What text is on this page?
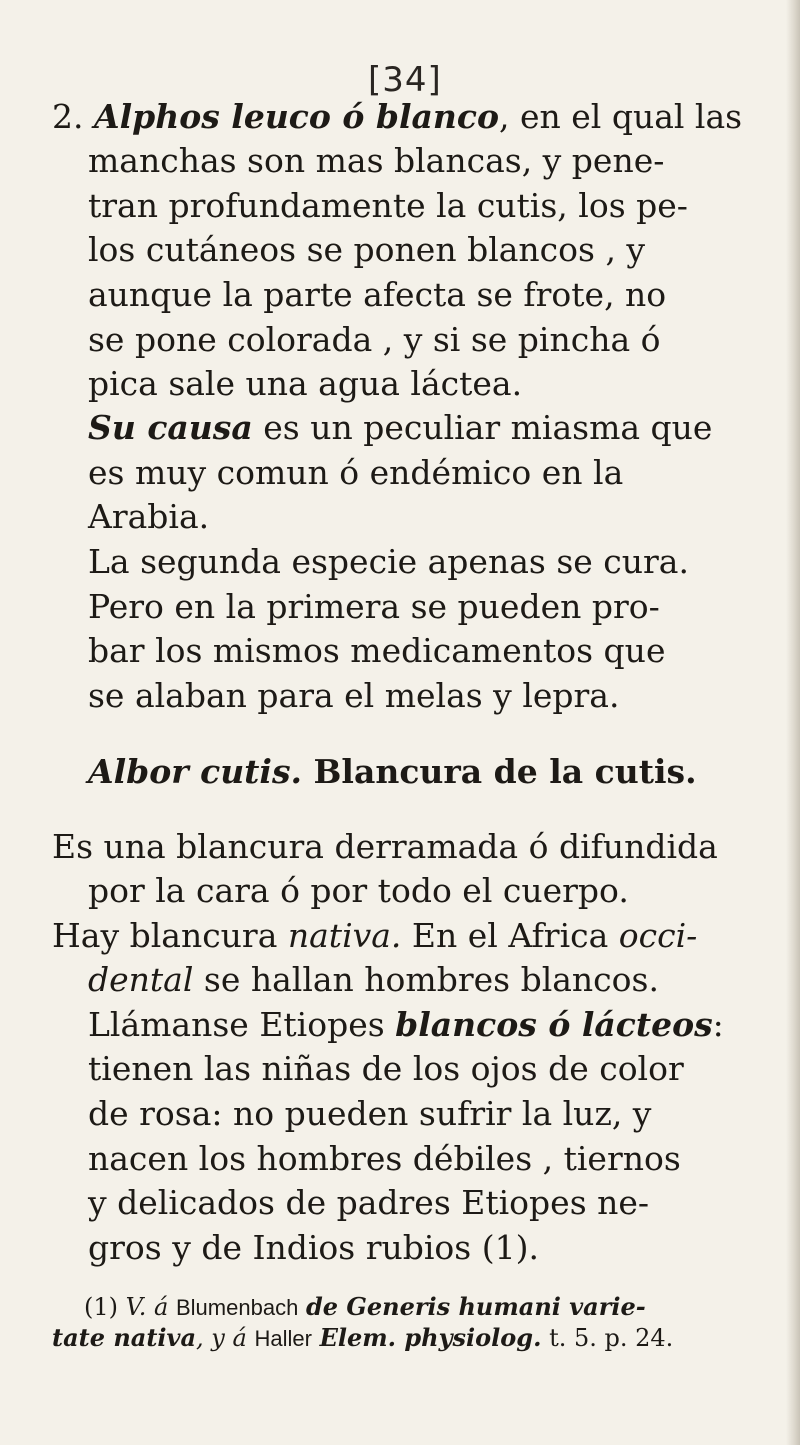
[34]
2. Alphos leuco ó blanco, en el qual las
manchas son mas blancas, y pene-
tran profundamente la cutis, los pe-
los cutáneos se ponen blancos , y
aunque la parte afecta se frote, no
se pone colorada , y si se pincha ó
pica sale una agua láctea.
Su causa es un peculiar miasma que
es muy comun ó endémico en la
Arabia.
La segunda especie apenas se cura.
Pero en la primera se pueden pro-
bar los mismos medicamentos que
se alaban para el melas y lepra.
Albor cutis. Blancura de la cutis.
Es una blancura derramada ó difundida
por la cara ó por todo el cuerpo.
Hay blancura nativa. En el Africa occi-
dental se hallan hombres blancos.
Llámanse Etiopes blancos ó lácteos:
tienen las niñas de los ojos de color
de rosa: no pueden sufrir la luz, y
nacen los hombres débiles , tiernos
y delicados de padres Etiopes ne-
gros y de Indios rubios (1).
(1) V. á Blumenbach de Generis humani varie-
tate nativa, y á Haller Elem. physiolog. t. 5. p. 24.
